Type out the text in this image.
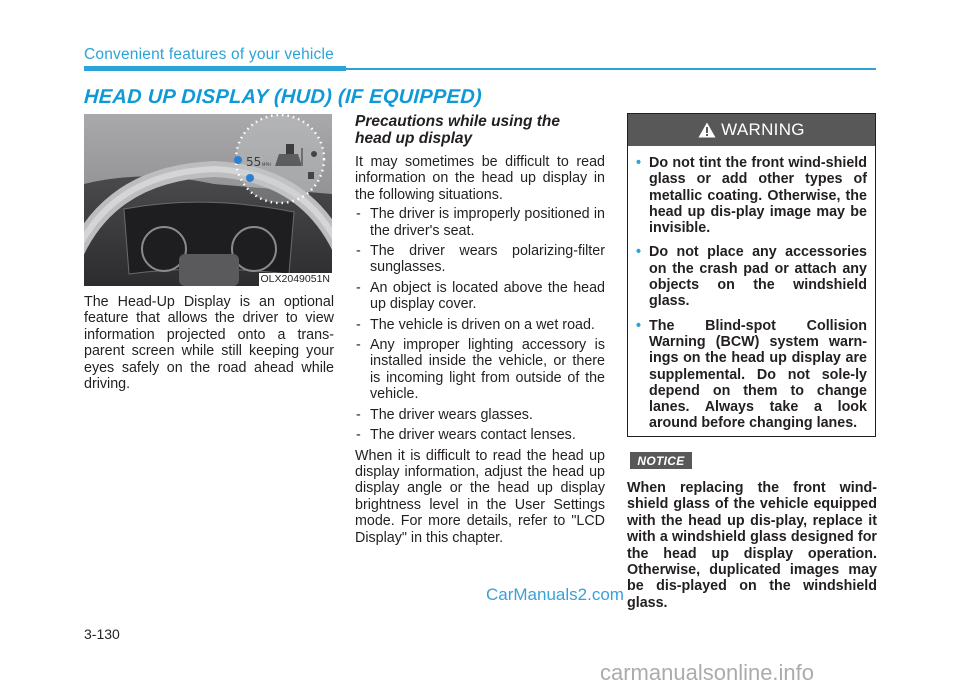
Convenient features of your vehicle
HEAD UP DISPLAY (HUD) (IF EQUIPPED)
55 MPH
OLX2049051N
The Head-Up Display is an optional feature that allows the driver to view information projected onto a trans-parent screen while still keeping your eyes safely on the road ahead while driving.
Precautions while using the
head up display

It may sometimes be difficult to read information on the head up display in the following situations.

- The driver is improperly positioned in the driver's seat.
- The driver wears polarizing-filter sunglasses.
- An object is located above the head up display cover.
- The vehicle is driven on a wet road.
- Any improper lighting accessory is installed inside the vehicle, or there is incoming light from outside of the vehicle.
- The driver wears glasses.
- The driver wears contact lenses.

When it is difficult to read the head up display information, adjust the head up display angle or the head up display brightness level in the User Settings mode. For more details, refer to "LCD Display" in this chapter.

WARNING
• Do not tint the front wind-shield glass or add other types of metallic coating. Otherwise, the head up dis-play image may be invisible.
• Do not place any accessories on the crash pad or attach any objects on the windshield glass.
• The Blind-spot Collision Warning (BCW) system warn-ings on the head up display are supplemental. Do not sole-ly depend on them to change lanes. Always take a look around before changing lanes.
NOTICE
When replacing the front wind-shield glass of the vehicle equipped with the head up dis-play, replace it with a windshield glass designed for the head up display operation. Otherwise, duplicated images may be dis-played on the windshield glass.
CarManuals2.com
3-130
carmanualsonline.info
